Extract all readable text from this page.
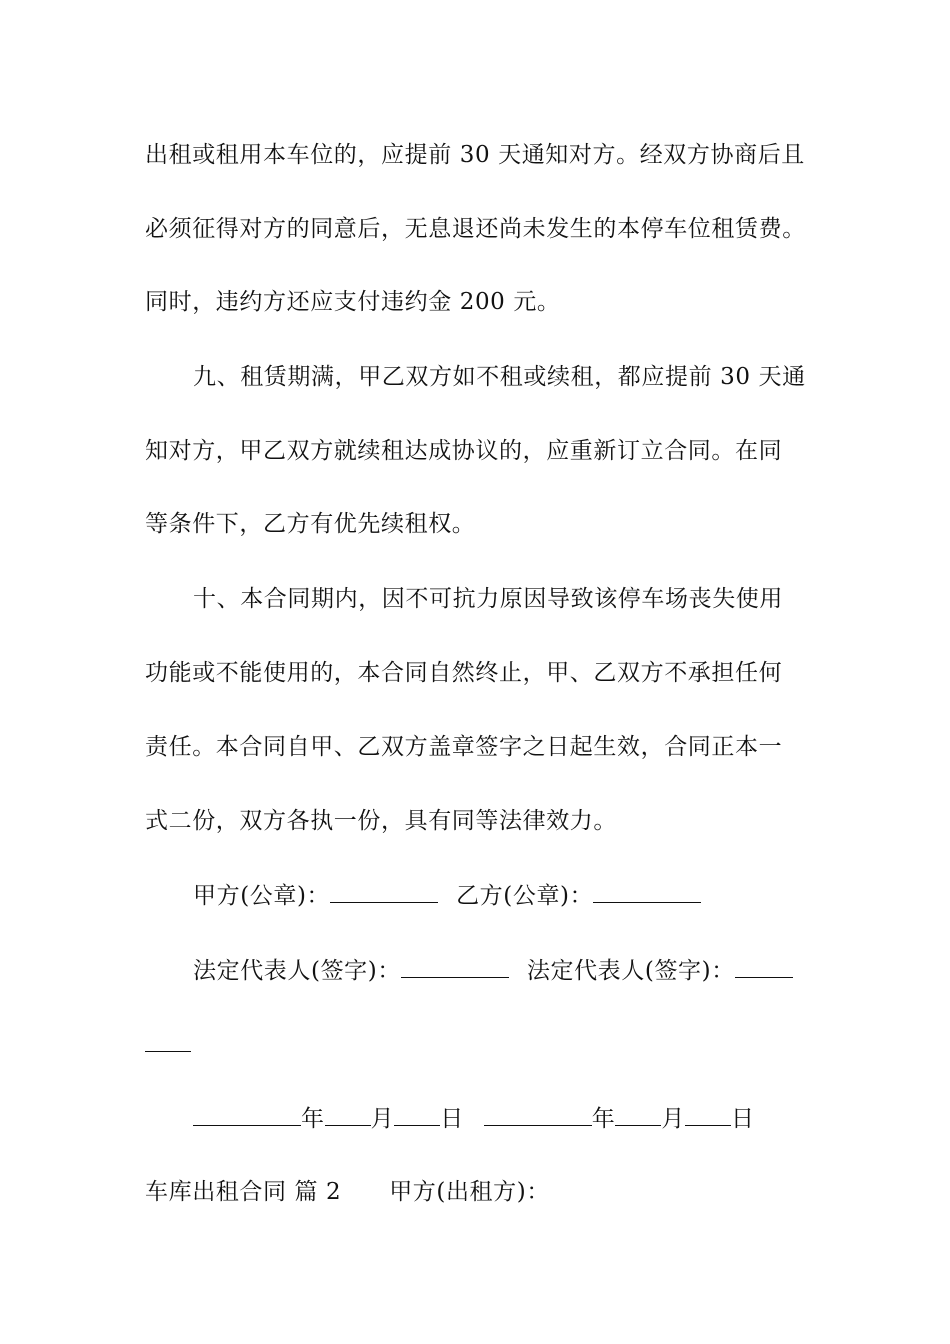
出租或租用本车位的，应提前 30 天通知对方。经双方协商后且
必须征得对方的同意后，无息退还尚未发生的本停车位租赁费。
同时，违约方还应支付违约金 200 元。
九、租赁期满，甲乙双方如不租或续租，都应提前 30 天通
知对方，甲乙双方就续租达成协议的，应重新订立合同。在同
等条件下，乙方有优先续租权。
十、本合同期内，因不可抗力原因导致该停车场丧失使用
功能或不能使用的，本合同自然终止，甲、乙双方不承担任何
责任。本合同自甲、乙双方盖章签字之日起生效，合同正本一
式二份，双方各执一份，具有同等法律效力。
甲方(公章)：	乙方(公章)：
法定代表人(签字)：	法定代表人(签字)：
年 月 日	年 月 日
车库出租合同 篇 2 甲方(出租方)：
